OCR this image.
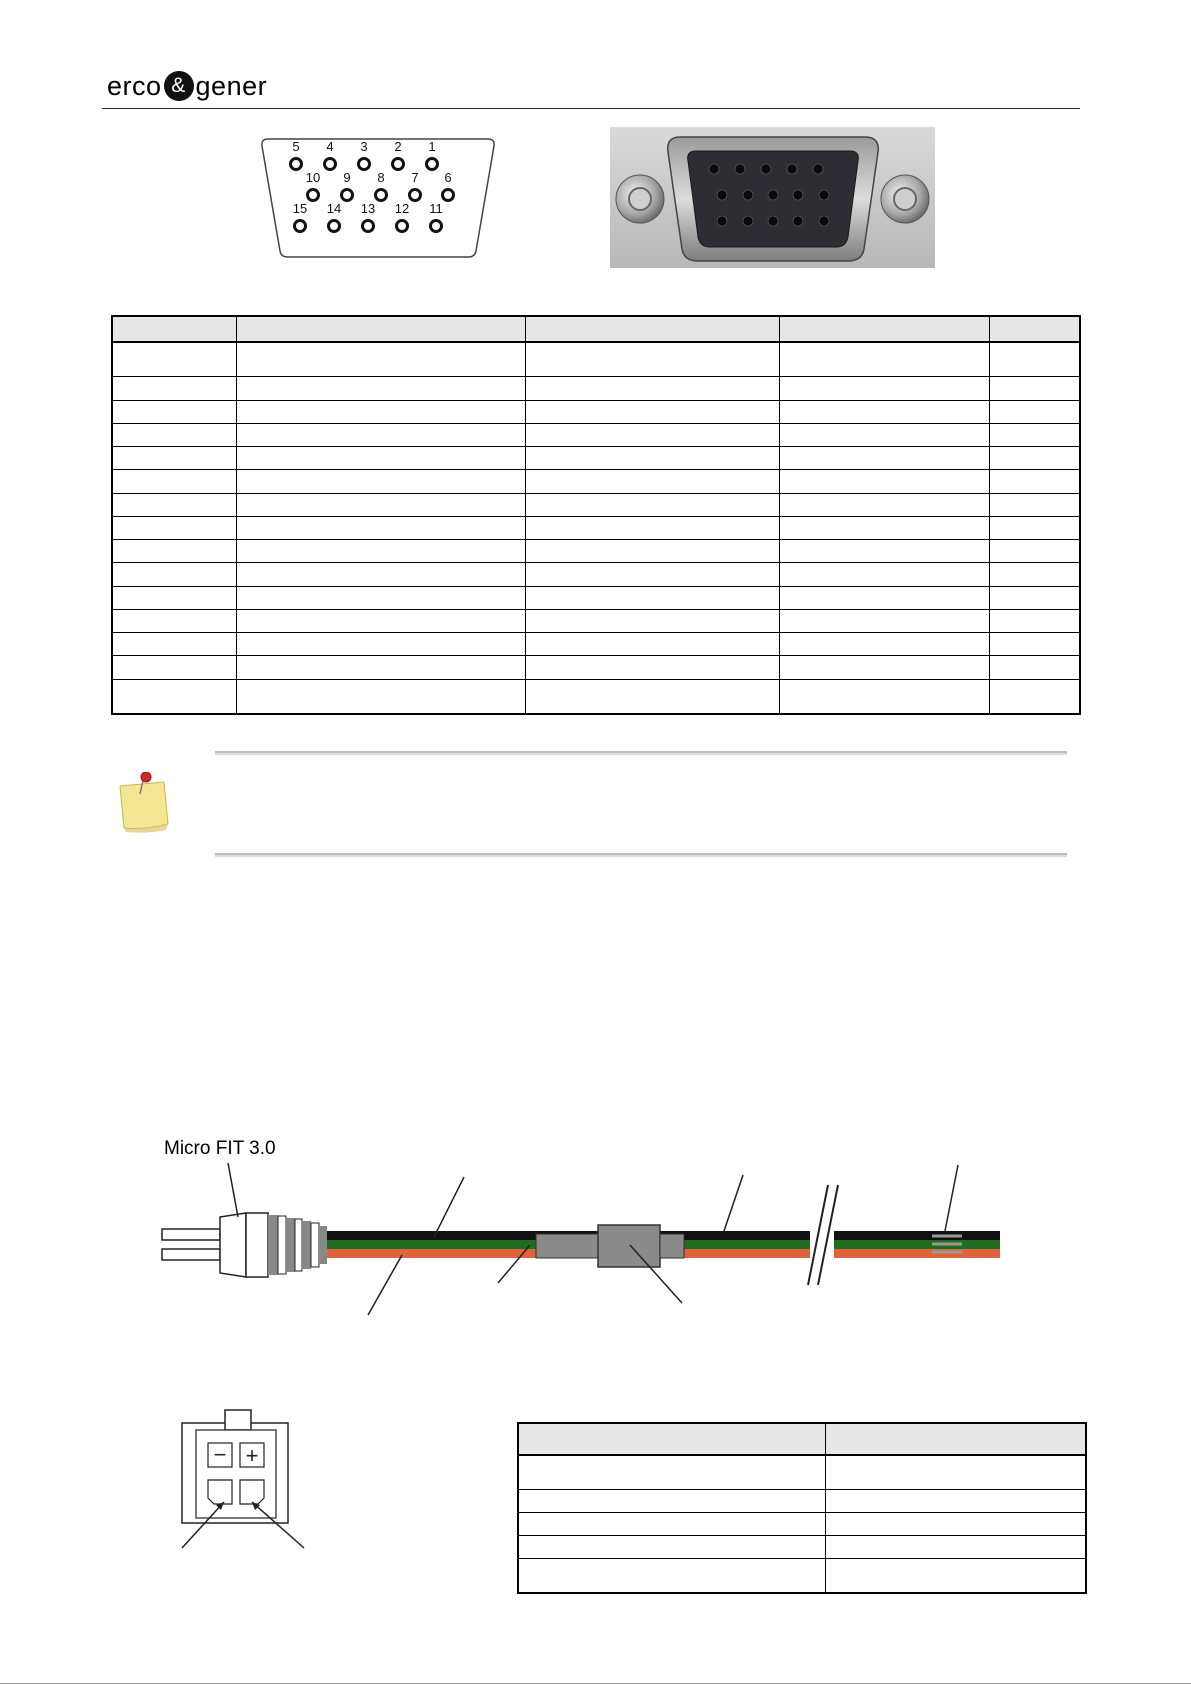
erco & gener
5 4 3 2 1
10 9 8 7 6
15 14 13 12 11

Micro FIT 3.0
− +
